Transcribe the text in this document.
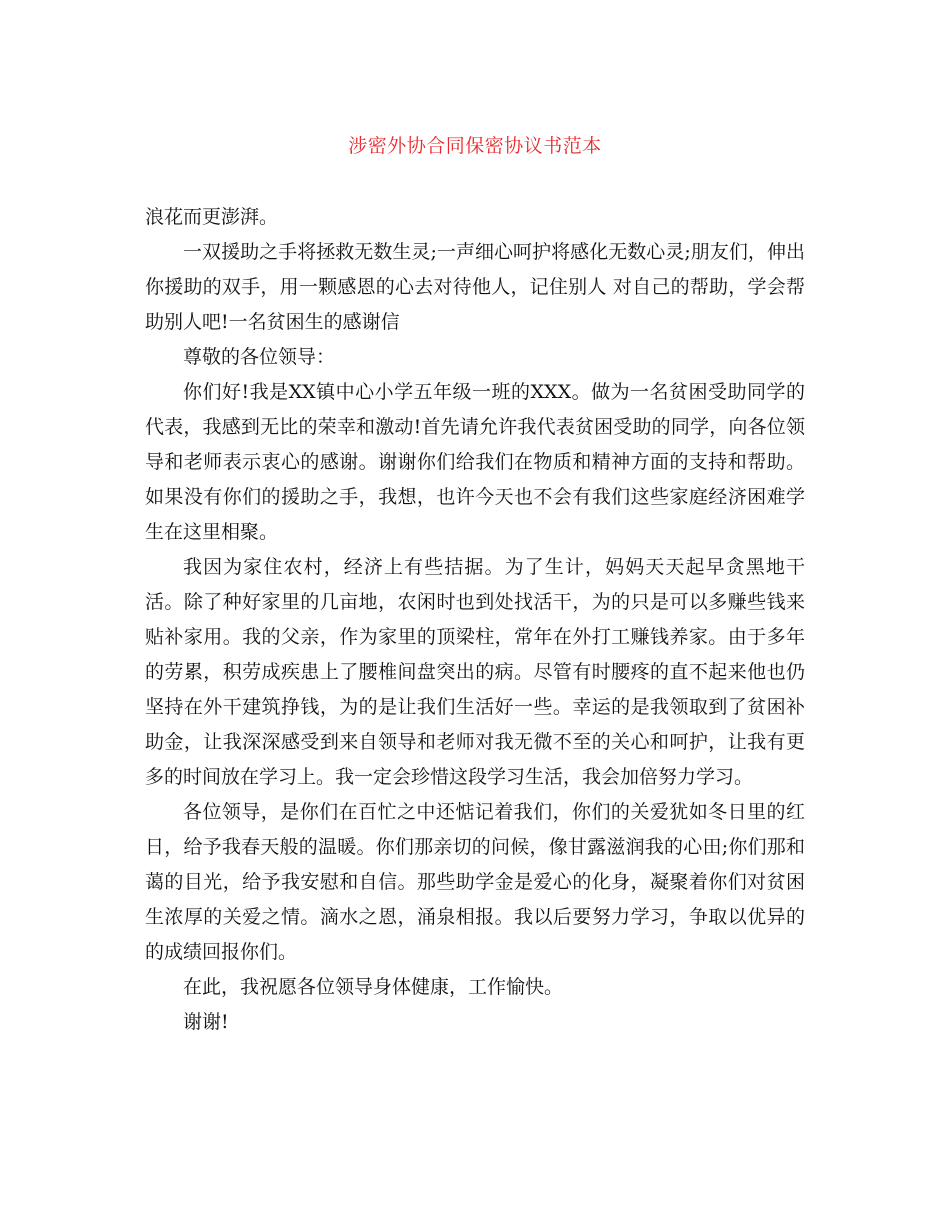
涉密外协合同保密协议书范本

浪花而更澎湃。

一双援助之手将拯救无数生灵;一声细心呵护将感化无数心灵;朋友们，伸出你援助的双手，用一颗感恩的心去对待他人，记住别人 对自己的帮助，学会帮助别人吧!一名贫困生的感谢信

尊敬的各位领导：

你们好!我是XX镇中心小学五年级一班的XXX。做为一名贫困受助同学的代表，我感到无比的荣幸和激动!首先请允许我代表贫困受助的同学，向各位领导和老师表示衷心的感谢。谢谢你们给我们在物质和精神方面的支持和帮助。如果没有你们的援助之手，我想，也许今天也不会有我们这些家庭经济困难学生在这里相聚。

我因为家住农村，经济上有些拮据。为了生计，妈妈天天起早贪黑地干活。除了种好家里的几亩地，农闲时也到处找活干，为的只是可以多赚些钱来贴补家用。我的父亲，作为家里的顶梁柱，常年在外打工赚钱养家。由于多年的劳累，积劳成疾患上了腰椎间盘突出的病。尽管有时腰疼的直不起来他也仍坚持在外干建筑挣钱，为的是让我们生活好一些。幸运的是我领取到了贫困补助金，让我深深感受到来自领导和老师对我无微不至的关心和呵护，让我有更多的时间放在学习上。我一定会珍惜这段学习生活，我会加倍努力学习。

各位领导，是你们在百忙之中还惦记着我们，你们的关爱犹如冬日里的红日，给予我春天般的温暖。你们那亲切的问候，像甘露滋润我的心田;你们那和蔼的目光，给予我安慰和自信。那些助学金是爱心的化身，凝聚着你们对贫困生浓厚的关爱之情。滴水之恩，涌泉相报。我以后要努力学习，争取以优异的的成绩回报你们。

在此，我祝愿各位领导身体健康，工作愉快。

谢谢!
